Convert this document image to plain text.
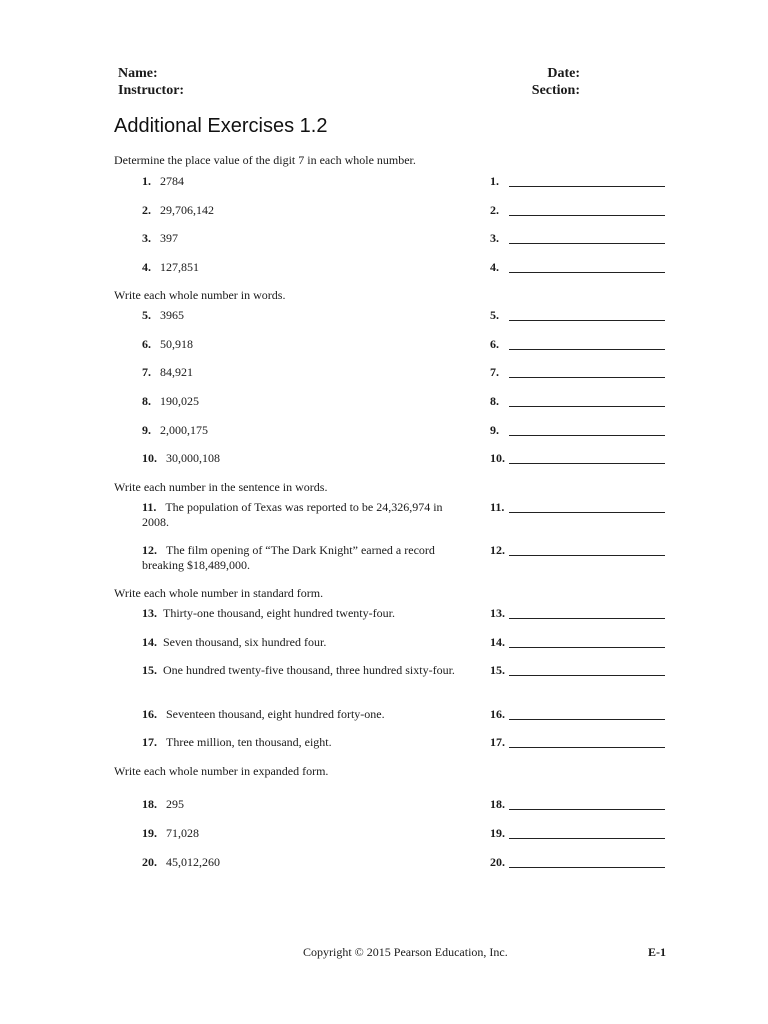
Name:
Instructor:
Date:
Section:
Additional Exercises 1.2
Determine the place value of the digit 7 in each whole number.
Write each whole number in words.
Write each number in the sentence in words.
Write each whole number in standard form.
Write each whole number in expanded form.
1. 2784
2. 29,706,142
3. 397
4. 127,851
5. 3965
6. 50,918
7. 84,921
8. 190,025
9. 2,000,175
10. 30,000,108
11. The population of Texas was reported to be 24,326,974 in 2008.
12. The film opening of “The Dark Knight” earned a record breaking $18,489,000.
13. Thirty-one thousand, eight hundred twenty-four.
14. Seven thousand, six hundred four.
15. One hundred twenty-five thousand, three hundred sixty-four.
16. Seventeen thousand, eight hundred forty-one.
17. Three million, ten thousand, eight.
18. 295
19. 71,028
20. 45,012,260
1.
2.
3.
4.
5.
6.
7.
8.
9.
10.
11.
12.
13.
14.
15.
16.
17.
18.
19.
20.
Copyright © 2015 Pearson Education, Inc.	E-1
